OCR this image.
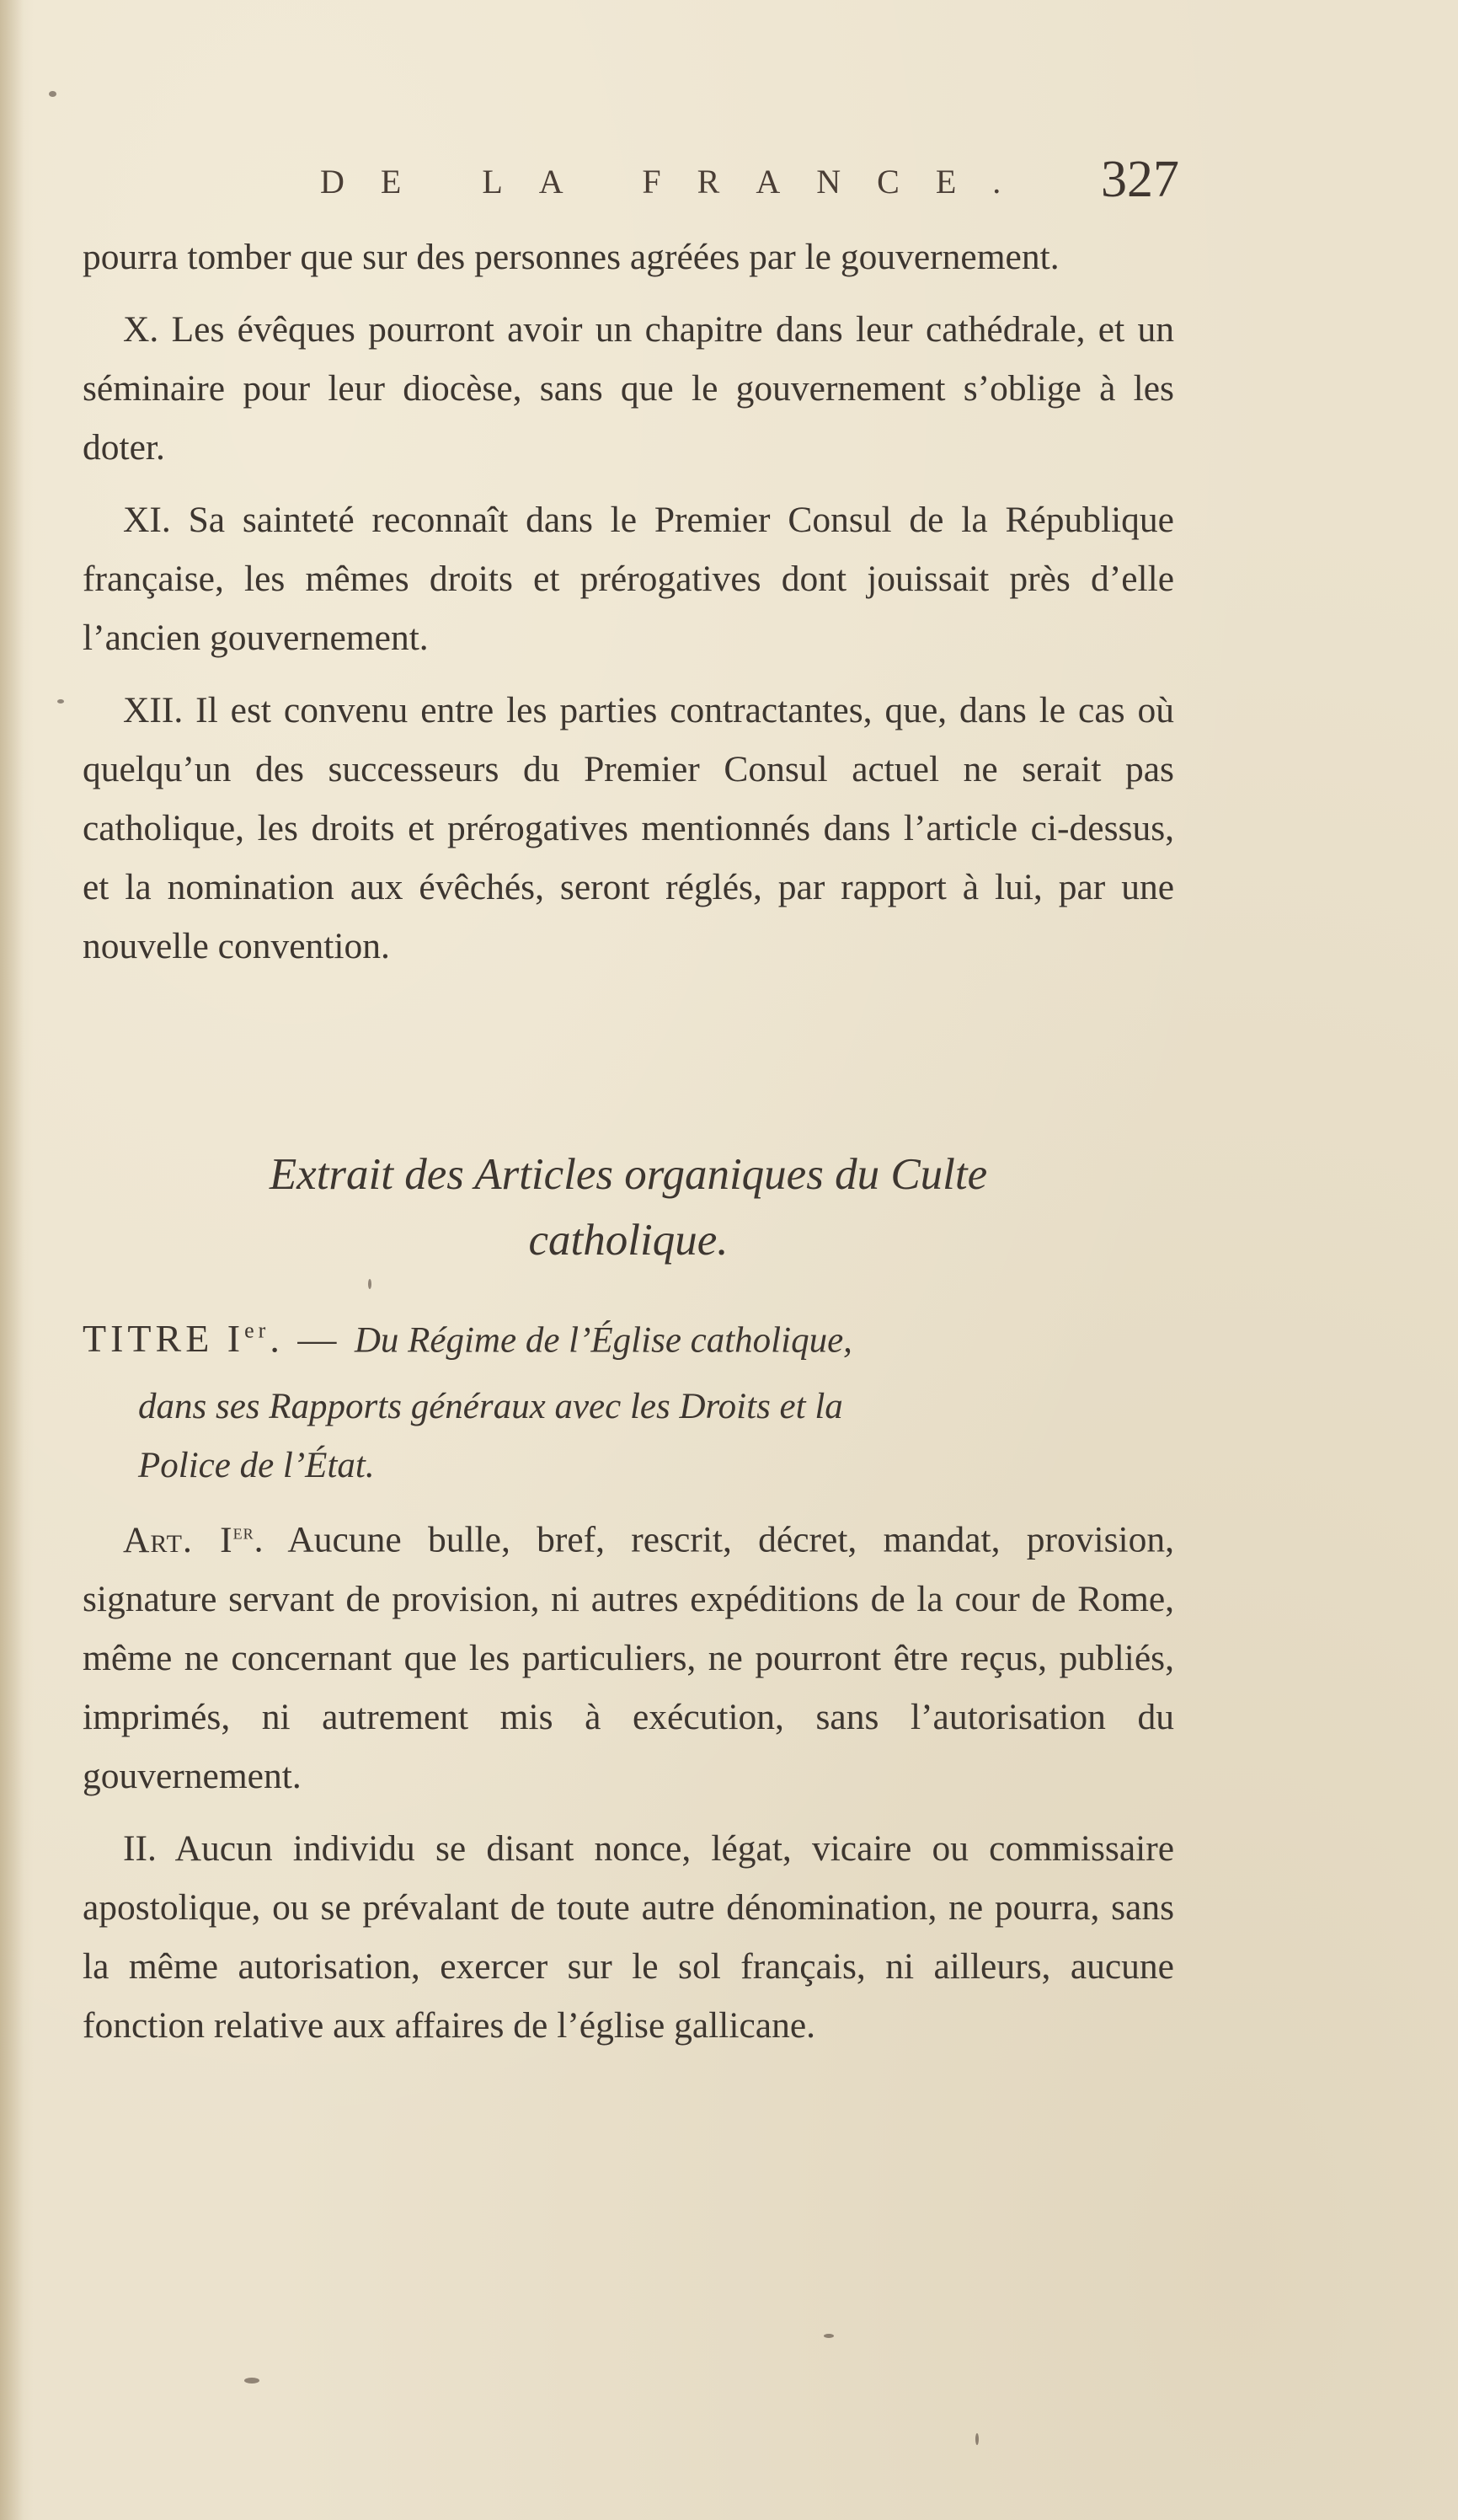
DE LA FRANCE. 327

pourra tomber que sur des personnes agréées par le gouvernement.

X. Les évêques pourront avoir un chapitre dans leur cathédrale, et un séminaire pour leur diocèse, sans que le gouvernement s’oblige à les doter.

XI. Sa sainteté reconnaît dans le Premier Consul de la République française, les mêmes droits et prérogatives dont jouissait près d’elle l’ancien gouvernement.

XII. Il est convenu entre les parties contractantes, que, dans le cas où quelqu’un des successeurs du Premier Consul actuel ne serait pas catholique, les droits et prérogatives mentionnés dans l’article ci-dessus, et la nomination aux évêchés, seront réglés, par rapport à lui, par une nouvelle convention.

Extrait des Articles organiques du Culte
catholique.
TITRE Ier. — Du Régime de l’Église catholique,
dans ses Rapports généraux avec les Droits et la
Police de l’État.

Art. Ier. Aucune bulle, bref, rescrit, décret, mandat, provision, signature servant de provision, ni autres expéditions de la cour de Rome, même ne concernant que les particuliers, ne pourront être reçus, publiés, imprimés, ni autrement mis à exécution, sans l’autorisation du gouvernement.

II. Aucun individu se disant nonce, légat, vicaire ou commissaire apostolique, ou se prévalant de toute autre dénomination, ne pourra, sans la même autorisation, exercer sur le sol français, ni ailleurs, aucune fonction relative aux affaires de l’église gallicane.
